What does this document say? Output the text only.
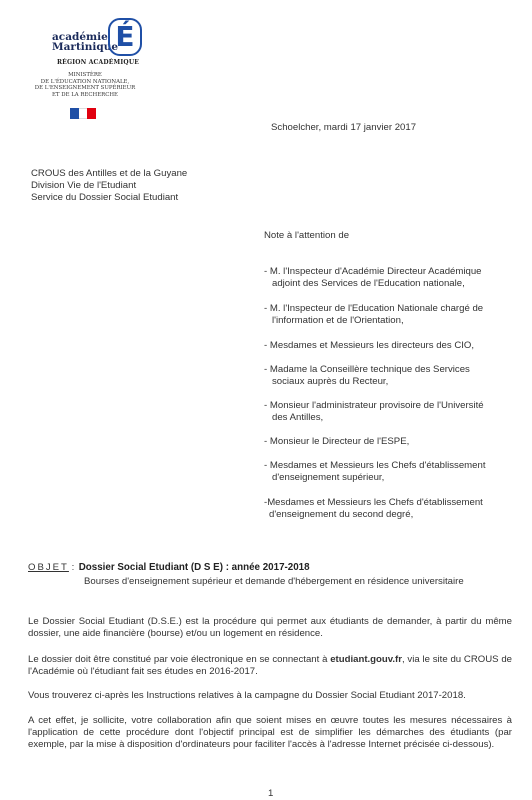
académie
Martinique
É
RÉGION ACADÉMIQUE
MINISTÈRE
DE L'ÉDUCATION NATIONALE,
DE L'ENSEIGNEMENT SUPÉRIEUR
ET DE LA RECHERCHE
Schoelcher, mardi 17 janvier 2017
CROUS des Antilles et de la Guyane
Division Vie de l'Etudiant
Service du Dossier Social Etudiant
Note à l'attention de
- M. l'Inspecteur d'Académie Directeur Académique
adjoint des Services de l'Education nationale,
- M. l'Inspecteur de l'Education Nationale chargé de
l'information et de l'Orientation,
- Mesdames et Messieurs les directeurs des CIO,
- Madame la Conseillère technique des Services
sociaux auprès du Recteur,
- Monsieur l'administrateur provisoire de l'Université
des Antilles,
- Monsieur le Directeur de l'ESPE,
- Mesdames et Messieurs les Chefs d'établissement
d'enseignement supérieur,
-Mesdames et Messieurs les Chefs d'établissement
d'enseignement du second degré,
OBJET : Dossier Social Etudiant (D S E) : année 2017-2018
Bourses d'enseignement supérieur et demande d'hébergement en résidence universitaire
Le Dossier Social Etudiant (D.S.E.) est la procédure qui permet aux étudiants de demander, à partir du même dossier, une aide financière (bourse) et/ou un logement en résidence.
Le dossier doit être constitué par voie électronique en se connectant à etudiant.gouv.fr, via le site du CROUS de l'Académie où l'étudiant fait ses études en 2016-2017.
Vous trouverez ci-après les Instructions relatives à la campagne du Dossier Social Etudiant 2017-2018.
A cet effet, je sollicite, votre collaboration afin que soient mises en œuvre toutes les mesures nécessaires à l'application de cette procédure dont l'objectif principal est de simplifier les démarches des étudiants (par exemple, par la mise à disposition d'ordinateurs pour faciliter l'accès à l'adresse Internet précisée ci-dessous).
1
